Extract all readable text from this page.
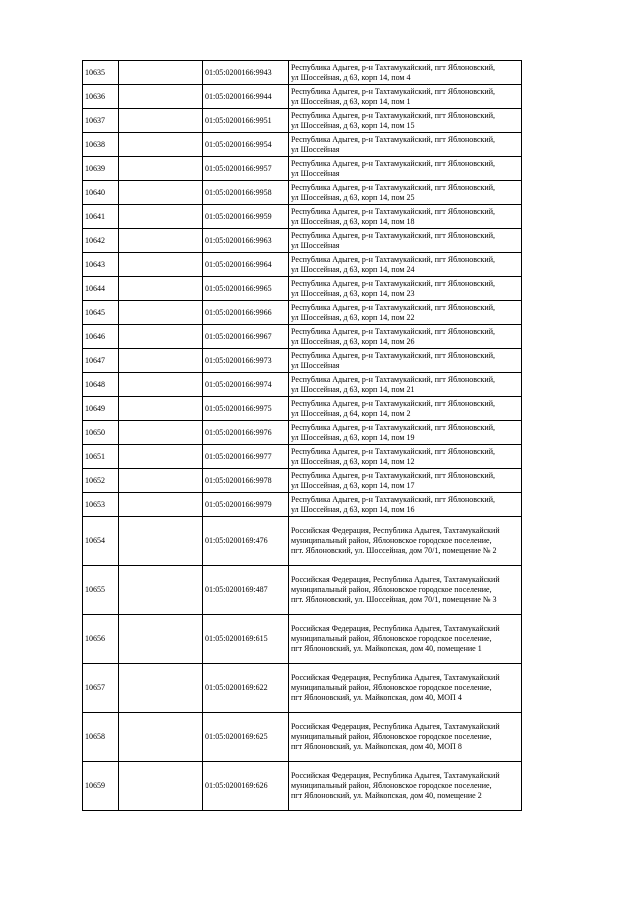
10635		01:05:0200166:9943	Республика Адыгея, р-н Тахтамукайский, пгт Яблоновский,
ул Шоссейная, д 63, корп 14, пом 4

10636		01:05:0200166:9944	Республика Адыгея, р-н Тахтамукайский, пгт Яблоновский,
ул Шоссейная, д 63, корп 14, пом 1

10637		01:05:0200166:9951	Республика Адыгея, р-н Тахтамукайский, пгт Яблоновский,
ул Шоссейная, д 63, корп 14, пом 15

10638		01:05:0200166:9954	Республика Адыгея, р-н Тахтамукайский, пгт Яблоновский,
ул Шоссейная

10639		01:05:0200166:9957	Республика Адыгея, р-н Тахтамукайский, пгт Яблоновский,
ул Шоссейная

10640		01:05:0200166:9958	Республика Адыгея, р-н Тахтамукайский, пгт Яблоновский,
ул Шоссейная, д 63, корп 14, пом 25

10641		01:05:0200166:9959	Республика Адыгея, р-н Тахтамукайский, пгт Яблоновский,
ул Шоссейная, д 63, корп 14, пом 18

10642		01:05:0200166:9963	Республика Адыгея, р-н Тахтамукайский, пгт Яблоновский,
ул Шоссейная

10643		01:05:0200166:9964	Республика Адыгея, р-н Тахтамукайский, пгт Яблоновский,
ул Шоссейная, д 63, корп 14, пом 24

10644		01:05:0200166:9965	Республика Адыгея, р-н Тахтамукайский, пгт Яблоновский,
ул Шоссейная, д 63, корп 14, пом 23

10645		01:05:0200166:9966	Республика Адыгея, р-н Тахтамукайский, пгт Яблоновский,
ул Шоссейная, д 63, корп 14, пом 22

10646		01:05:0200166:9967	Республика Адыгея, р-н Тахтамукайский, пгт Яблоновский,
ул Шоссейная, д 63, корп 14, пом 26

10647		01:05:0200166:9973	Республика Адыгея, р-н Тахтамукайский, пгт Яблоновский,
ул Шоссейная

10648		01:05:0200166:9974	Республика Адыгея, р-н Тахтамукайский, пгт Яблоновский,
ул Шоссейная, д 63, корп 14, пом 21

10649		01:05:0200166:9975	Республика Адыгея, р-н Тахтамукайский, пгт Яблоновский,
ул Шоссейная, д 64, корп 14, пом 2

10650		01:05:0200166:9976	Республика Адыгея, р-н Тахтамукайский, пгт Яблоновский,
ул Шоссейная, д 63, корп 14, пом 19

10651		01:05:0200166:9977	Республика Адыгея, р-н Тахтамукайский, пгт Яблоновский,
ул Шоссейная, д 63, корп 14, пом 12

10652		01:05:0200166:9978	Республика Адыгея, р-н Тахтамукайский, пгт Яблоновский,
ул Шоссейная, д 63, корп 14, пом 17

10653		01:05:0200166:9979	Республика Адыгея, р-н Тахтамукайский, пгт Яблоновский,
ул Шоссейная, д 63, корп 14, пом 16

10654		01:05:0200169:476	Российская Федерация, Республика Адыгея, Тахтамукайский
муниципальный район, Яблоновское городское поселение,
пгт. Яблоновский, ул. Шоссейная, дом 70/1, помещение № 2

10655		01:05:0200169:487	Российская Федерация, Республика Адыгея, Тахтамукайский
муниципальный район, Яблоновское городское поселение,
пгт. Яблоновский, ул. Шоссейная, дом 70/1, помещение № 3

10656		01:05:0200169:615	Российская Федерация, Республика Адыгея, Тахтамукайский
муниципальный район, Яблоновское городское поселение,
пгт Яблоновский, ул. Майкопская, дом 40, помещение 1

10657		01:05:0200169:622	Российская Федерация, Республика Адыгея, Тахтамукайский
муниципальный район, Яблоновское городское поселение,
пгт Яблоновский, ул. Майкопская, дом 40, МОП 4

10658		01:05:0200169:625	Российская Федерация, Республика Адыгея, Тахтамукайский
муниципальный район, Яблоновское городское поселение,
пгт Яблоновский, ул. Майкопская, дом 40, МОП 8

10659		01:05:0200169:626	Российская Федерация, Республика Адыгея, Тахтамукайский
муниципальный район, Яблоновское городское поселение,
пгт Яблоновский, ул. Майкопская, дом 40, помещение 2
